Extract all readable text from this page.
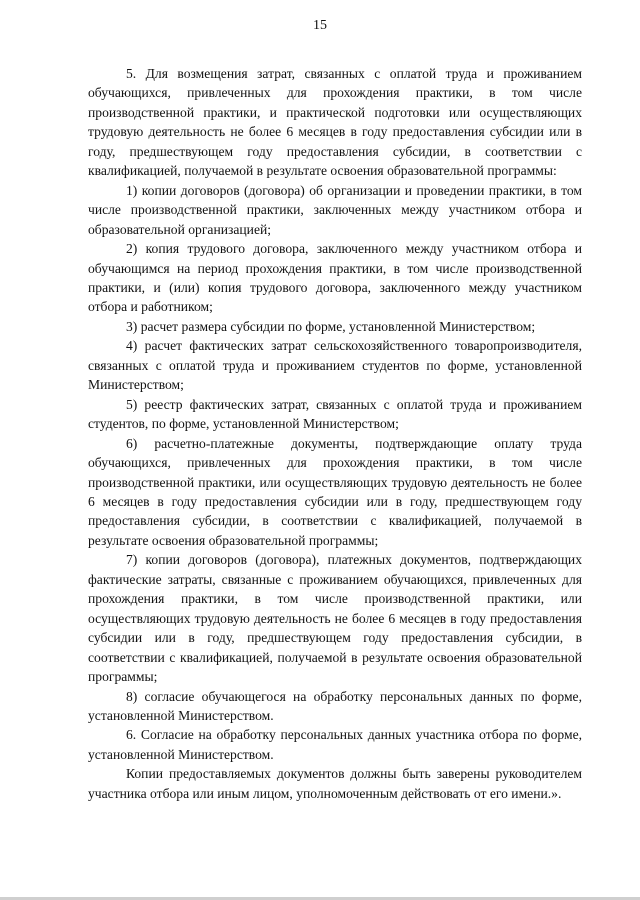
15

5. Для возмещения затрат, связанных с оплатой труда и проживанием обучающихся, привлеченных для прохождения практики, в том числе производственной практики, и практической подготовки или осуществляющих трудовую деятельность не более 6 месяцев в году предоставления субсидии или в году, предшествующем году предоставления субсидии, в соответствии с квалификацией, получаемой в результате освоения образовательной программы:

1) копии договоров (договора) об организации и проведении практики, в том числе производственной практики, заключенных между участником отбора и образовательной организацией;

2) копия трудового договора, заключенного между участником отбора и обучающимся на период прохождения практики, в том числе производственной практики, и (или) копия трудового договора, заключенного между участником отбора и работником;

3) расчет размера субсидии по форме, установленной Министерством;

4) расчет фактических затрат сельскохозяйственного товаропроизводителя, связанных с оплатой труда и проживанием студентов по форме, установленной Министерством;

5) реестр фактических затрат, связанных с оплатой труда и проживанием студентов, по форме, установленной Министерством;

6) расчетно-платежные документы, подтверждающие оплату труда обучающихся, привлеченных для прохождения практики, в том числе производственной практики, или осуществляющих трудовую деятельность не более 6 месяцев в году предоставления субсидии или в году, предшествующем году предоставления субсидии, в соответствии с квалификацией, получаемой в результате освоения образовательной программы;

7) копии договоров (договора), платежных документов, подтверждающих фактические затраты, связанные с проживанием обучающихся, привлеченных для прохождения практики, в том числе производственной практики, или осуществляющих трудовую деятельность не более 6 месяцев в году предоставления субсидии или в году, предшествующем году предоставления субсидии, в соответствии с квалификацией, получаемой в результате освоения образовательной программы;

8) согласие обучающегося на обработку персональных данных по форме, установленной Министерством.

6. Согласие на обработку персональных данных участника отбора по форме, установленной Министерством.

Копии предоставляемых документов должны быть заверены руководителем участника отбора или иным лицом, уполномоченным действовать от его имени.».
